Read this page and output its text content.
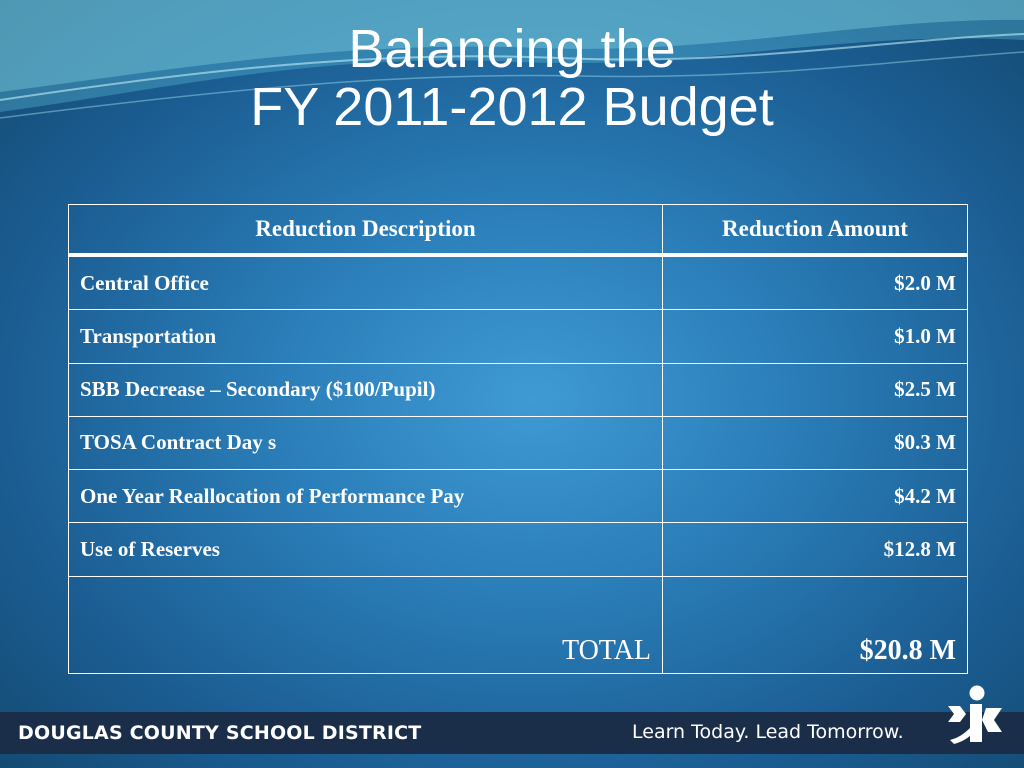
Balancing the
FY 2011-2012 Budget
Reduction Description	Reduction Amount
Central Office	$2.0 M
Transportation	$1.0 M
SBB Decrease – Secondary ($100/Pupil)	$2.5 M
TOSA Contract Day s	$0.3 M
One Year Reallocation of Performance Pay	$4.2 M
Use of Reserves	$12.8 M
TOTAL	$20.8 M
DOUGLAS COUNTY SCHOOL DISTRICT	Learn Today. Lead Tomorrow.
